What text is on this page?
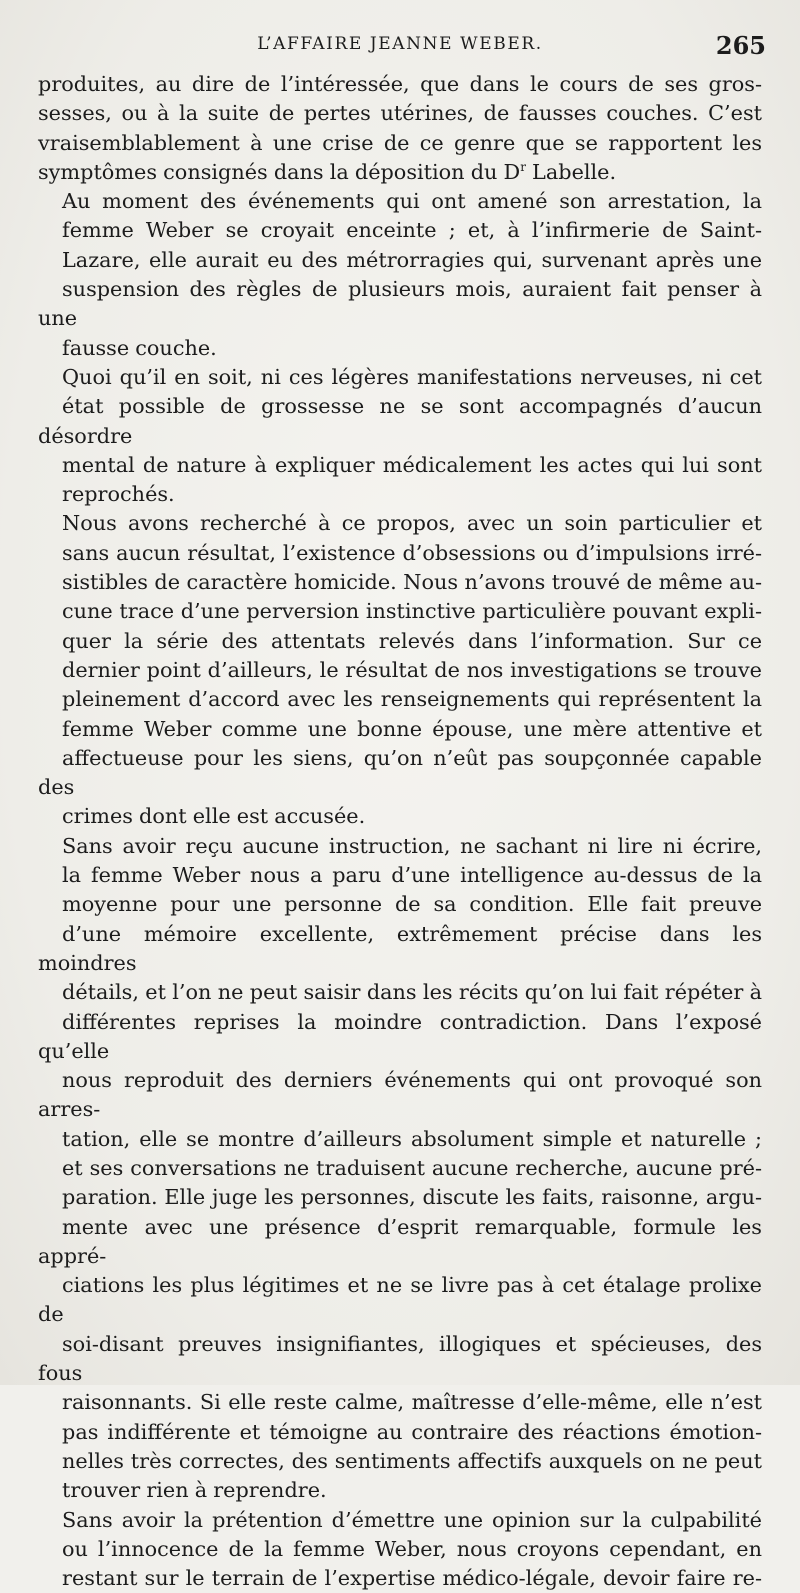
L’AFFAIRE JEANNE WEBER.	265

produites, au dire de l’intéressée, que dans le cours de ses gros-
sesses, ou à la suite de pertes utérines, de fausses couches. C’est
vraisemblablement à une crise de ce genre que se rapportent les
symptômes consignés dans la déposition du $D^r$ Labelle.

Au moment des événements qui ont amené son arrestation, la
femme Weber se croyait enceinte ; et, à l’infirmerie de Saint-
Lazare, elle aurait eu des métrorragies qui, survenant après une
suspension des règles de plusieurs mois, auraient fait penser à une
fausse couche.

Quoi qu’il en soit, ni ces légères manifestations nerveuses, ni cet
état possible de grossesse ne se sont accompagnés d’aucun désordre
mental de nature à expliquer médicalement les actes qui lui sont
reprochés.

Nous avons recherché à ce propos, avec un soin particulier et
sans aucun résultat, l’existence d’obsessions ou d’impulsions irré-
sistibles de caractère homicide. Nous n’avons trouvé de même au-
cune trace d’une perversion instinctive particulière pouvant expli-
quer la série des attentats relevés dans l’information. Sur ce
dernier point d’ailleurs, le résultat de nos investigations se trouve
pleinement d’accord avec les renseignements qui représentent la
femme Weber comme une bonne épouse, une mère attentive et
affectueuse pour les siens, qu’on n’eût pas soupçonnée capable des
crimes dont elle est accusée.

Sans avoir reçu aucune instruction, ne sachant ni lire ni écrire,
la femme Weber nous a paru d’une intelligence au-dessus de la
moyenne pour une personne de sa condition. Elle fait preuve
d’une mémoire excellente, extrêmement précise dans les moindres
détails, et l’on ne peut saisir dans les récits qu’on lui fait répéter à
différentes reprises la moindre contradiction. Dans l’exposé qu’elle
nous reproduit des derniers événements qui ont provoqué son arres-
tation, elle se montre d’ailleurs absolument simple et naturelle ;
et ses conversations ne traduisent aucune recherche, aucune pré-
paration. Elle juge les personnes, discute les faits, raisonne, argu-
mente avec une présence d’esprit remarquable, formule les appré-
ciations les plus légitimes et ne se livre pas à cet étalage prolixe de
soi-disant preuves insignifiantes, illogiques et spécieuses, des fous
raisonnants. Si elle reste calme, maîtresse d’elle-même, elle n’est
pas indifférente et témoigne au contraire des réactions émotion-
nelles très correctes, des sentiments affectifs auxquels on ne peut
trouver rien à reprendre.

Sans avoir la prétention d’émettre une opinion sur la culpabilité
ou l’innocence de la femme Weber, nous croyons cependant, en
restant sur le terrain de l’expertise médico-légale, devoir faire re-
